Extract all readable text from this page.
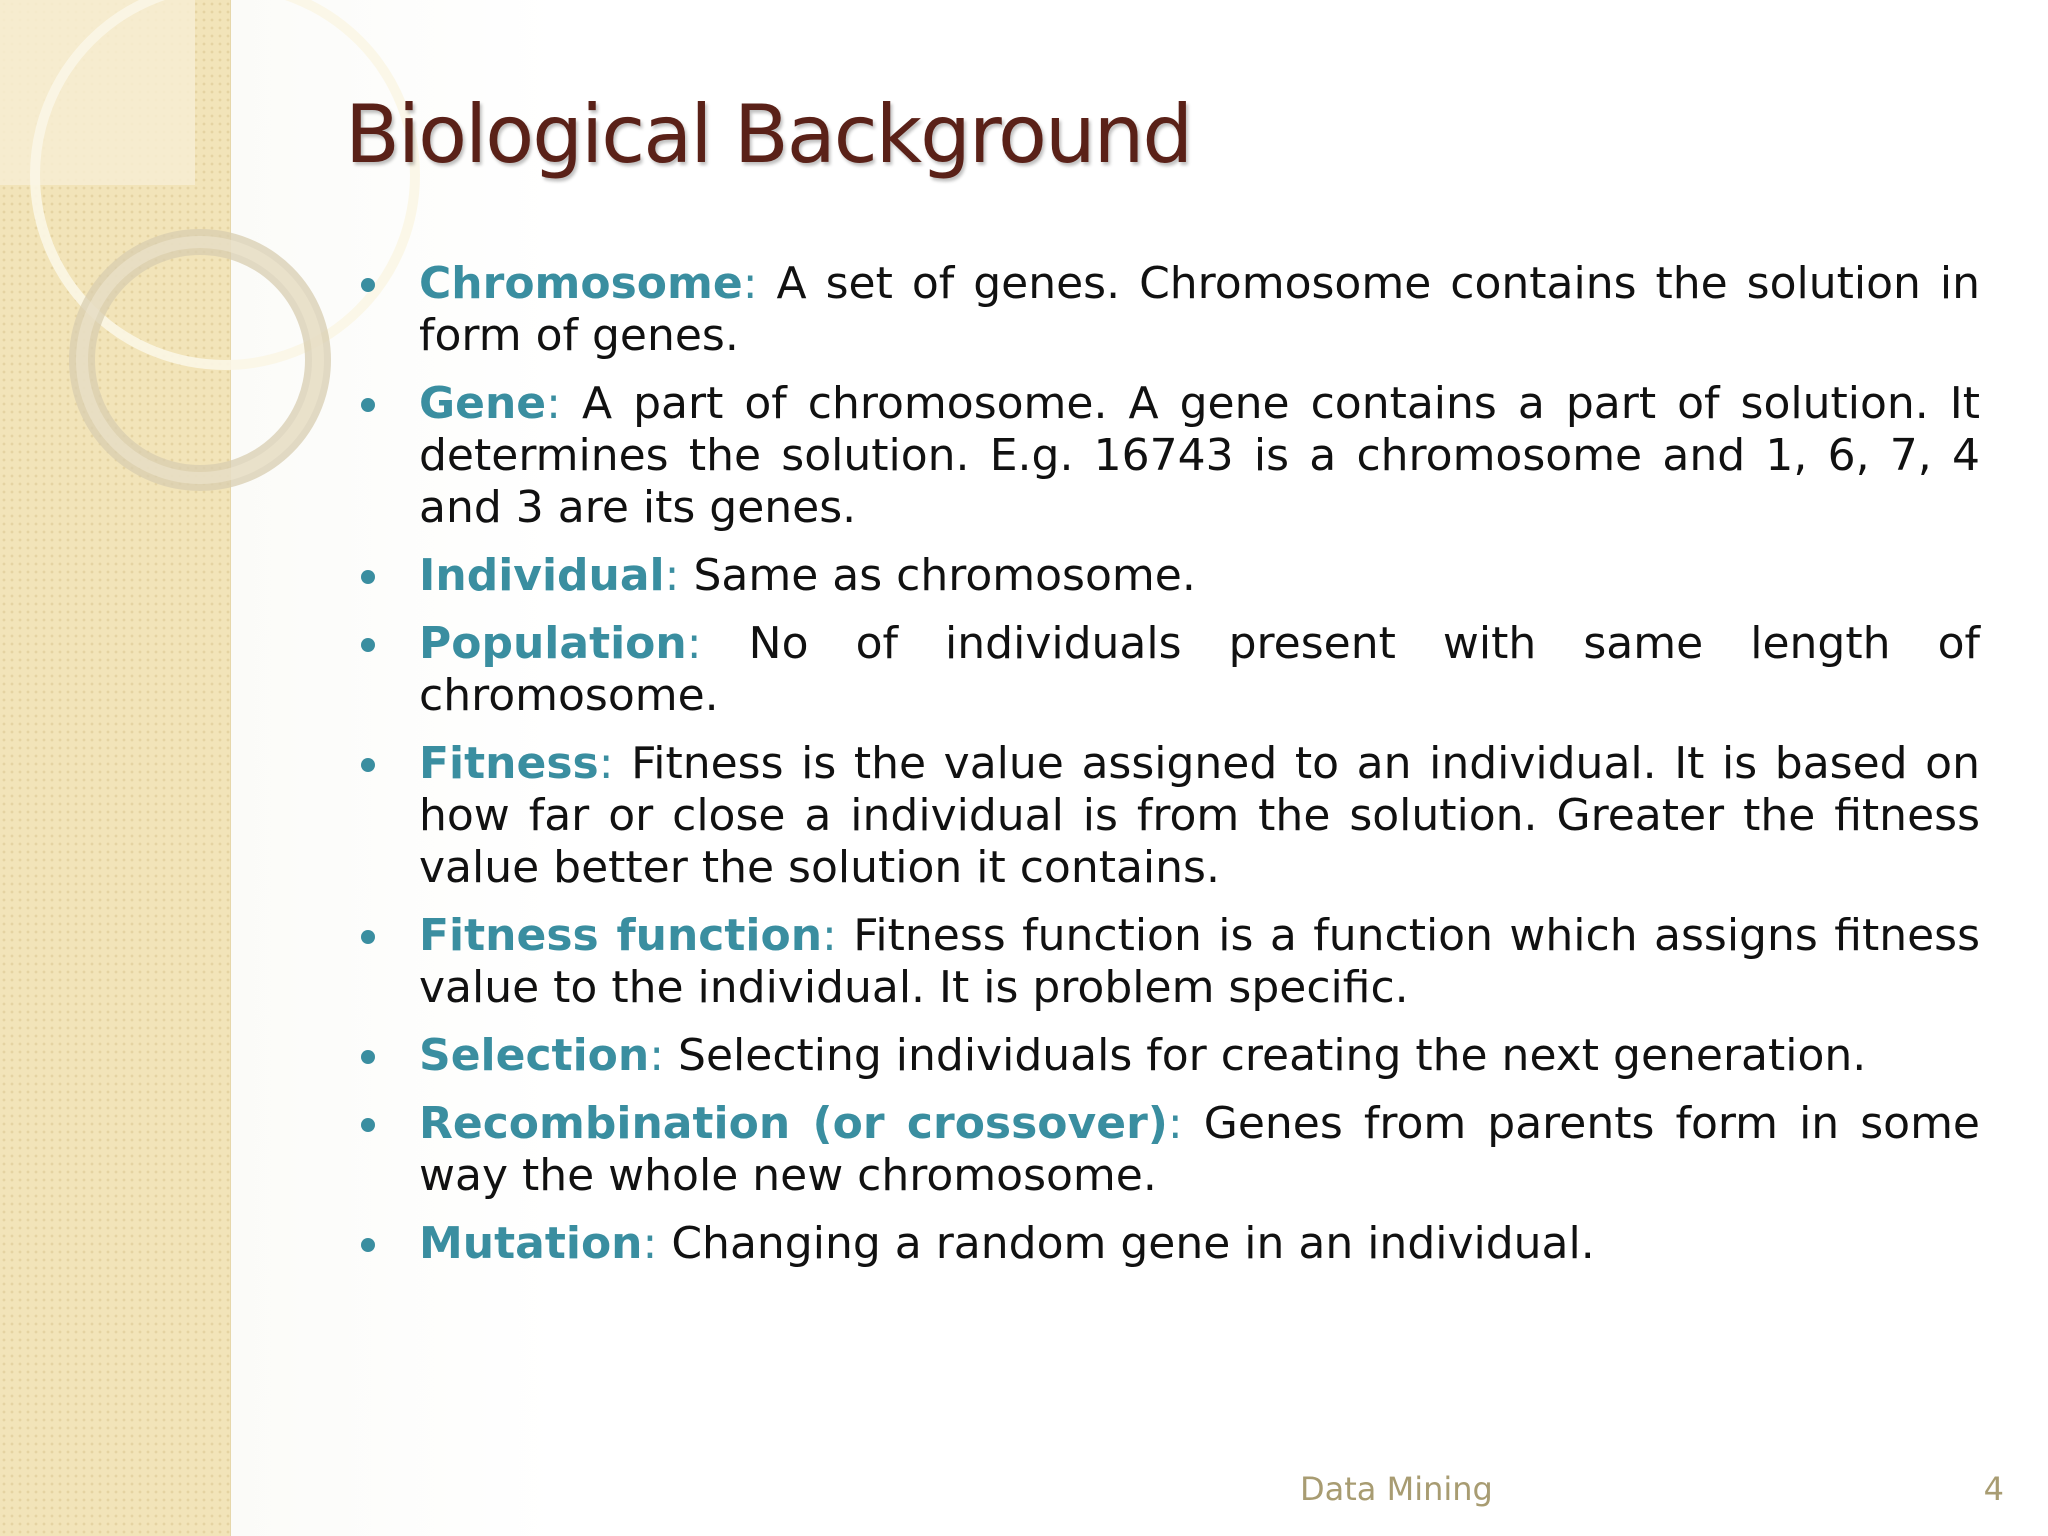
Biological Background
Chromosome: A set of genes. Chromosome contains the solution in form of genes.
Gene: A part of chromosome. A gene contains a part of solution. It determines the solution. E.g. 16743 is a chromosome and 1, 6, 7, 4 and 3 are its genes.
Individual: Same as chromosome.
Population: No of individuals present with same length of chromosome.
Fitness: Fitness is the value assigned to an individual. It is based on how far or close a individual is from the solution. Greater the fitness value better the solution it contains.
Fitness function: Fitness function is a function which assigns fitness value to the individual. It is problem specific.
Selection: Selecting individuals for creating the next generation.
Recombination (or crossover): Genes from parents form in some way the whole new chromosome.
Mutation: Changing a random gene in an individual.
Data Mining	4
